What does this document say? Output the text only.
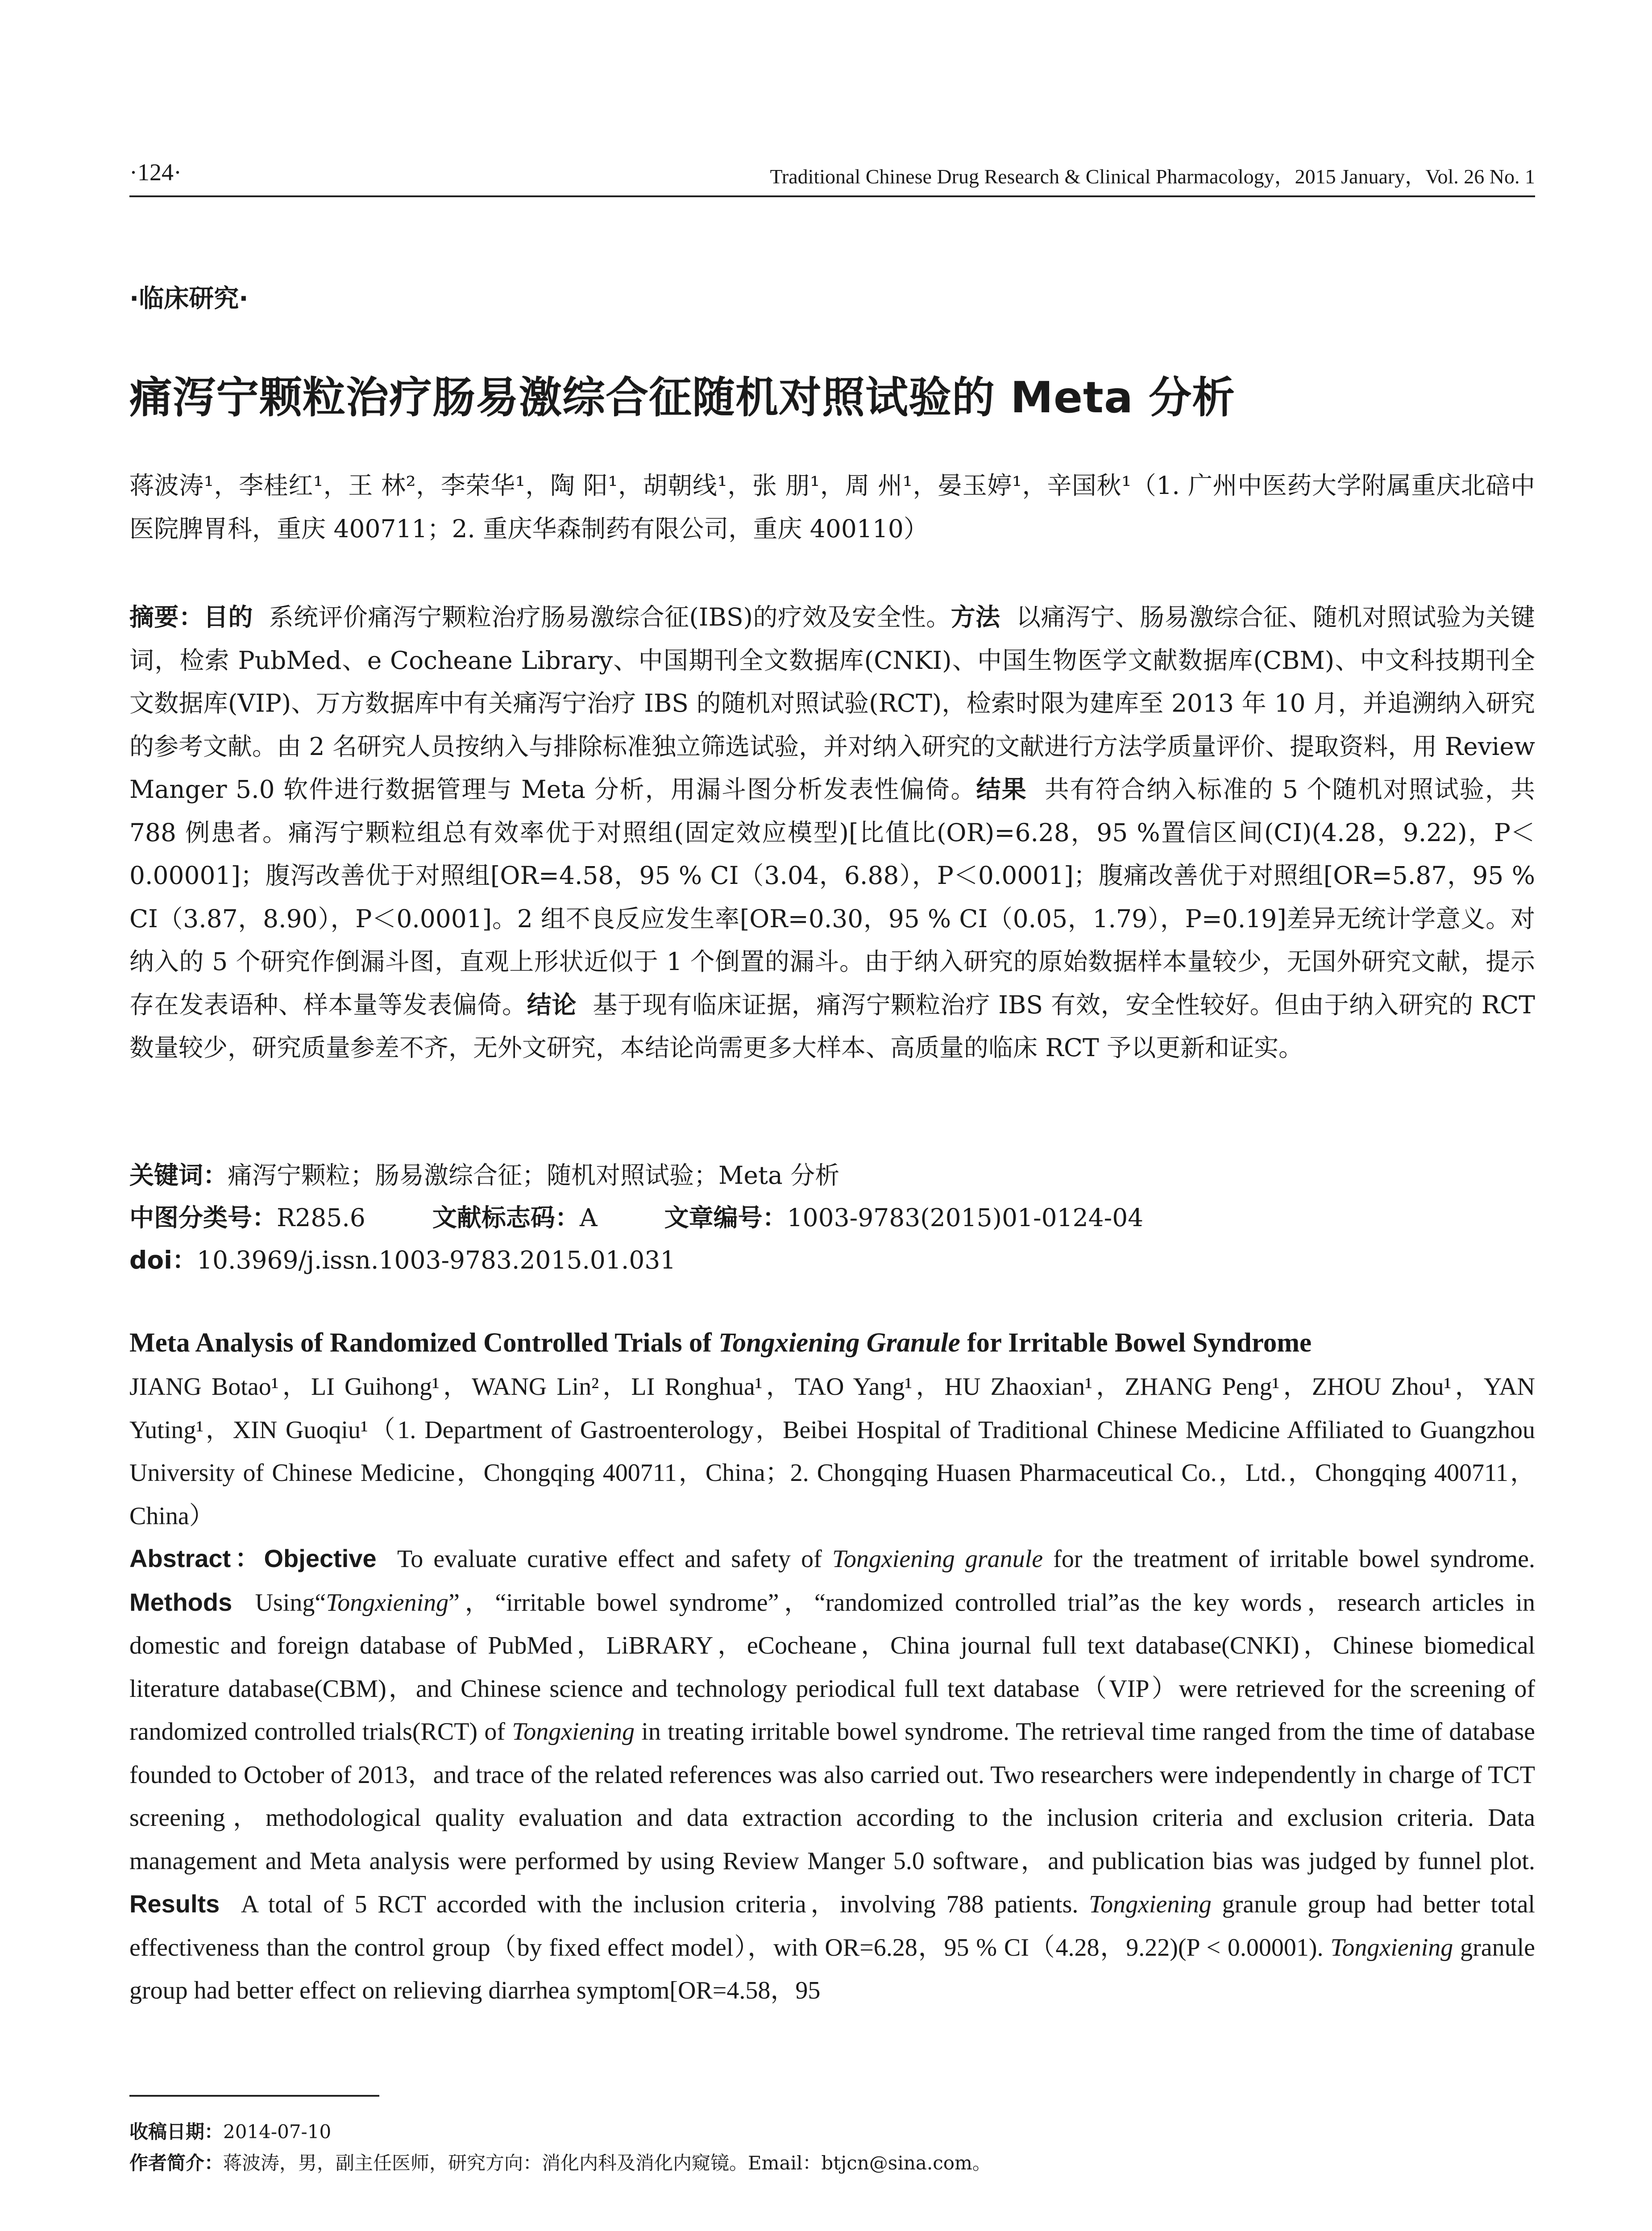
·124·	Traditional Chinese Drug Research & Clinical Pharmacology，2015 January，Vol. 26 No. 1
·临床研究·
痛泻宁颗粒治疗肠易激综合征随机对照试验的 Meta 分析
蒋波涛¹，李桂红¹，王 林²，李荣华¹，陶 阳¹，胡朝线¹，张 朋¹，周 州¹，晏玉婷¹，辛国秋¹（1. 广州中医药大学附属重庆北碚中医院脾胃科，重庆 400711；2. 重庆华森制药有限公司，重庆 400110）
摘要：目的 系统评价痛泻宁颗粒治疗肠易激综合征(IBS)的疗效及安全性。方法 以痛泻宁、肠易激综合征、随机对照试验为关键词，检索 PubMed、e Cocheane Library、中国期刊全文数据库(CNKI)、中国生物医学文献数据库(CBM)、中文科技期刊全文数据库(VIP)、万方数据库中有关痛泻宁治疗 IBS 的随机对照试验(RCT)，检索时限为建库至 2013 年 10 月，并追溯纳入研究的参考文献。由 2 名研究人员按纳入与排除标准独立筛选试验，并对纳入研究的文献进行方法学质量评价、提取资料，用 Review Manger 5.0 软件进行数据管理与 Meta 分析，用漏斗图分析发表性偏倚。结果 共有符合纳入标准的 5 个随机对照试验，共 788 例患者。痛泻宁颗粒组总有效率优于对照组(固定效应模型)[比值比(OR)=6.28，95 %置信区间(CI)(4.28，9.22)，P＜0.00001]；腹泻改善优于对照组[OR=4.58，95 % CI（3.04，6.88），P＜0.0001]；腹痛改善优于对照组[OR=5.87，95 % CI（3.87，8.90），P＜0.0001]。2 组不良反应发生率[OR=0.30，95 % CI（0.05，1.79），P=0.19]差异无统计学意义。对纳入的 5 个研究作倒漏斗图，直观上形状近似于 1 个倒置的漏斗。由于纳入研究的原始数据样本量较少，无国外研究文献，提示存在发表语种、样本量等发表偏倚。结论 基于现有临床证据，痛泻宁颗粒治疗 IBS 有效，安全性较好。但由于纳入研究的 RCT 数量较少，研究质量参差不齐，无外文研究，本结论尚需更多大样本、高质量的临床 RCT 予以更新和证实。
关键词：痛泻宁颗粒；肠易激综合征；随机对照试验；Meta 分析
中图分类号：R285.6	文献标志码：A	文章编号：1003-9783(2015)01-0124-04
doi：10.3969/j.issn.1003-9783.2015.01.031
Meta Analysis of Randomized Controlled Trials of Tongxiening Granule for Irritable Bowel Syndrome
JIANG Botao¹，LI Guihong¹，WANG Lin²，LI Ronghua¹，TAO Yang¹，HU Zhaoxian¹，ZHANG Peng¹，ZHOU Zhou¹，YAN Yuting¹，XIN Guoqiu¹（1. Department of Gastroenterology，Beibei Hospital of Traditional Chinese Medicine Affiliated to Guangzhou University of Chinese Medicine，Chongqing 400711，China；2. Chongqing Huasen Pharmaceutical Co.，Ltd.，Chongqing 400711，China）
Abstract：Objective To evaluate curative effect and safety of Tongxiening granule for the treatment of irritable bowel syndrome. Methods Using“Tongxiening”，“irritable bowel syndrome”，“randomized controlled trial”as the key words，research articles in domestic and foreign database of PubMed，LiBRARY，eCocheane，China journal full text database(CNKI)，Chinese biomedical literature database(CBM)，and Chinese science and technology periodical full text database（VIP）were retrieved for the screening of randomized controlled trials(RCT) of Tongxiening in treating irritable bowel syndrome. The retrieval time ranged from the time of database founded to October of 2013，and trace of the related references was also carried out. Two researchers were independently in charge of TCT screening，methodological quality evaluation and data extraction according to the inclusion criteria and exclusion criteria. Data management and Meta analysis were performed by using Review Manger 5.0 software，and publication bias was judged by funnel plot. Results A total of 5 RCT accorded with the inclusion criteria，involving 788 patients. Tongxiening granule group had better total effectiveness than the control group（by fixed effect model），with OR=6.28，95 % CI（4.28，9.22)(P < 0.00001). Tongxiening granule group had better effect on relieving diarrhea symptom[OR=4.58，95
收稿日期：2014-07-10
作者简介：蒋波涛，男，副主任医师，研究方向：消化内科及消化内窥镜。Email：btjcn@sina.com。
